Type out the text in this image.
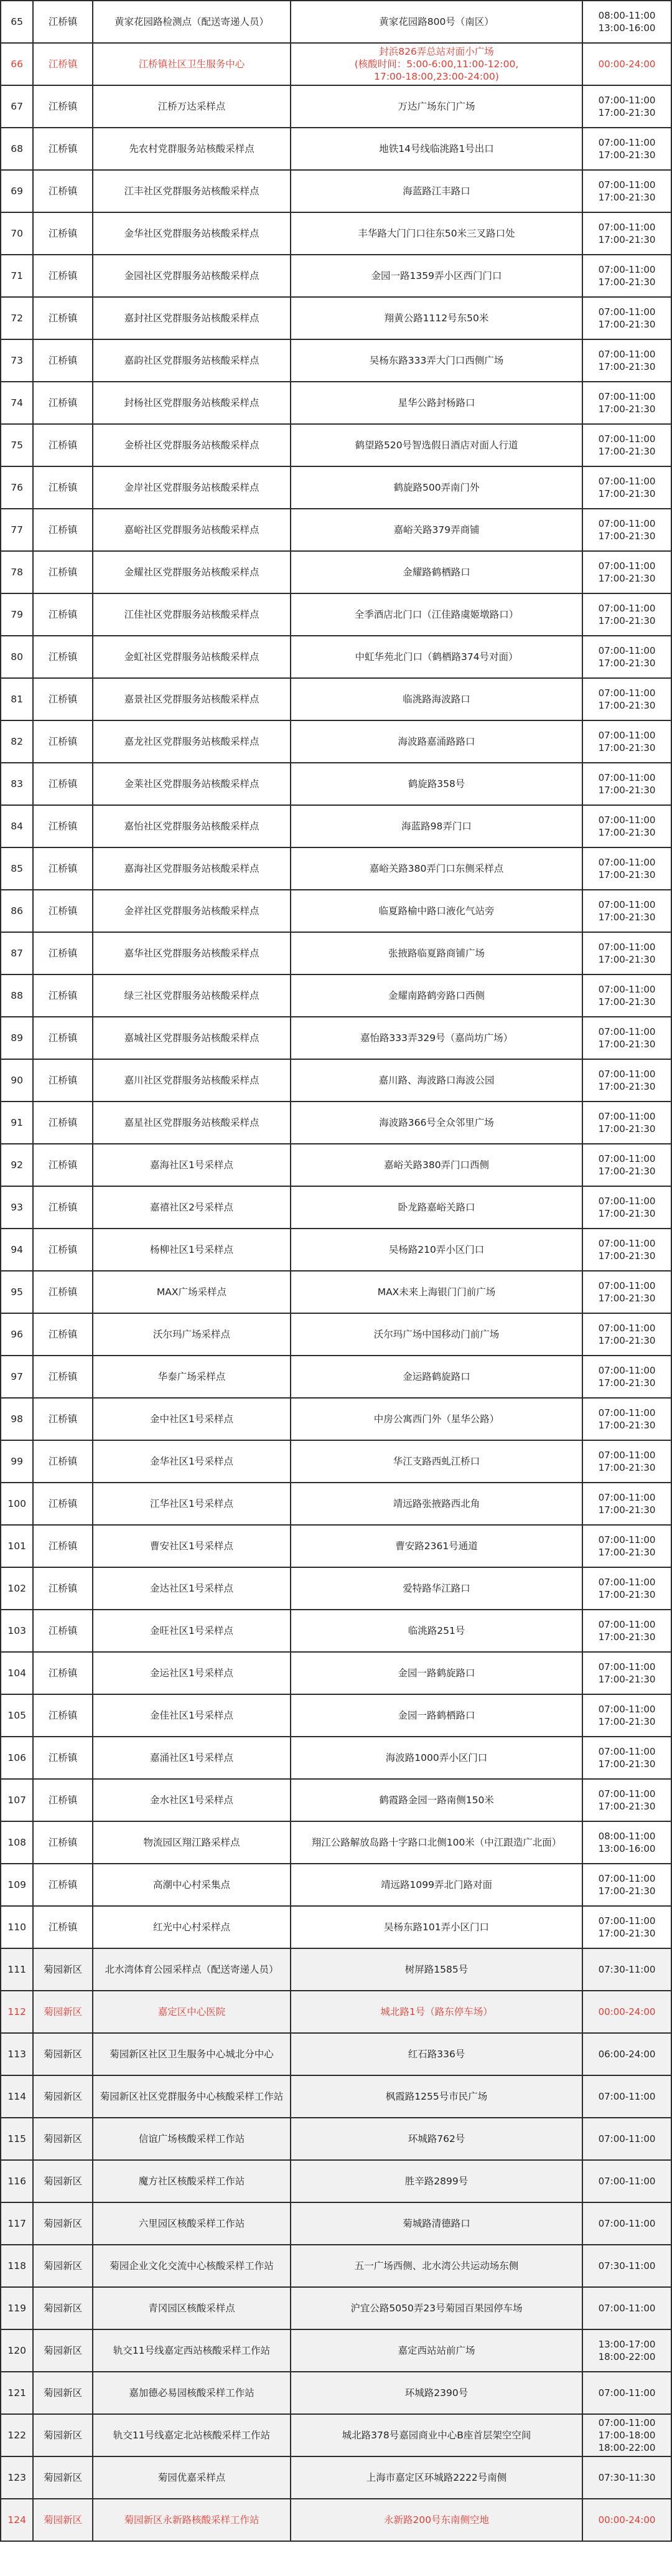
65	江桥镇	黄家花园路检测点（配送寄递人员）	黄家花园路800号（南区）	08:00-11:00
13:00-16:00

66	江桥镇	江桥镇社区卫生服务中心	封浜826弄总站对面小广场
(核酸时间：5:00-6:00,11:00-12:00,
17:00-18:00,23:00-24:00)	00:00-24:00

67	江桥镇	江桥万达采样点	万达广场东门广场	07:00-11:00
17:00-21:30

68	江桥镇	先农村党群服务站核酸采样点	地铁14号线临洮路1号出口	07:00-11:00
17:00-21:30

69	江桥镇	江丰社区党群服务站核酸采样点	海蓝路江丰路口	07:00-11:00
17:00-21:30

70	江桥镇	金华社区党群服务站核酸采样点	丰华路大门门口往东50米三叉路口处	07:00-11:00
17:00-21:30

71	江桥镇	金园社区党群服务站核酸采样点	金园一路1359弄小区西门门口	07:00-11:00
17:00-21:30

72	江桥镇	嘉封社区党群服务站核酸采样点	翔黄公路1112号东50米	07:00-11:00
17:00-21:30

73	江桥镇	嘉韵社区党群服务站核酸采样点	吴杨东路333弄大门口西侧广场	07:00-11:00
17:00-21:30

74	江桥镇	封杨社区党群服务站核酸采样点	星华公路封杨路口	07:00-11:00
17:00-21:30

75	江桥镇	金桥社区党群服务站核酸采样点	鹤望路520号智选假日酒店对面人行道	07:00-11:00
17:00-21:30

76	江桥镇	金岸社区党群服务站核酸采样点	鹤旋路500弄南门外	07:00-11:00
17:00-21:30

77	江桥镇	嘉峪社区党群服务站核酸采样点	嘉峪关路379弄商铺	07:00-11:00
17:00-21:30

78	江桥镇	金耀社区党群服务站核酸采样点	金耀路鹤栖路口	07:00-11:00
17:00-21:30

79	江桥镇	江佳社区党群服务站核酸采样点	全季酒店北门口（江佳路虞姬墩路口）	07:00-11:00
17:00-21:30

80	江桥镇	金虹社区党群服务站核酸采样点	中虹华苑北门口（鹤栖路374号对面）	07:00-11:00
17:00-21:30

81	江桥镇	嘉景社区党群服务站核酸采样点	临洮路海波路口	07:00-11:00
17:00-21:30

82	江桥镇	嘉龙社区党群服务站核酸采样点	海波路嘉涌路路口	07:00-11:00
17:00-21:30

83	江桥镇	金莱社区党群服务站核酸采样点	鹤旋路358号	07:00-11:00
17:00-21:30

84	江桥镇	嘉怡社区党群服务站核酸采样点	海蓝路98弄门口	07:00-11:00
17:00-21:30

85	江桥镇	嘉海社区党群服务站核酸采样点	嘉峪关路380弄门口东侧采样点	07:00-11:00
17:00-21:30

86	江桥镇	金祥社区党群服务站核酸采样点	临夏路榆中路口液化气站旁	07:00-11:00
17:00-21:30

87	江桥镇	嘉华社区党群服务站核酸采样点	张掖路临夏路商铺广场	07:00-11:00
17:00-21:30

88	江桥镇	绿三社区党群服务站核酸采样点	金耀南路鹤旁路口西侧	07:00-11:00
17:00-21:30

89	江桥镇	嘉城社区党群服务站核酸采样点	嘉怡路333弄329号（嘉尚坊广场）	07:00-11:00
17:00-21:30

90	江桥镇	嘉川社区党群服务站核酸采样点	嘉川路、海波路口海波公园	07:00-11:00
17:00-21:30

91	江桥镇	嘉星社区党群服务站核酸采样点	海波路366号全众邻里广场	07:00-11:00
17:00-21:30

92	江桥镇	嘉海社区1号采样点	嘉峪关路380弄门口西侧	07:00-11:00
17:00-21:30

93	江桥镇	嘉禧社区2号采样点	卧龙路嘉峪关路口	07:00-11:00
17:00-21:30

94	江桥镇	杨柳社区1号采样点	吴杨路210弄小区门口	07:00-11:00
17:00-21:30

95	江桥镇	MAX广场采样点	MAX未来上海银门门前广场	07:00-11:00
17:00-21:30

96	江桥镇	沃尔玛广场采样点	沃尔玛广场中国移动门前广场	07:00-11:00
17:00-21:30

97	江桥镇	华泰广场采样点	金运路鹤旋路口	07:00-11:00
17:00-21:30

98	江桥镇	金中社区1号采样点	中房公寓西门外（星华公路）	07:00-11:00
17:00-21:30

99	江桥镇	金华社区1号采样点	华江支路西虬江桥口	07:00-11:00
17:00-21:30

100	江桥镇	江华社区1号采样点	靖远路张掖路西北角	07:00-11:00
17:00-21:30

101	江桥镇	曹安社区1号采样点	曹安路2361号通道	07:00-11:00
17:00-21:30

102	江桥镇	金达社区1号采样点	爱特路华江路口	07:00-11:00
17:00-21:30

103	江桥镇	金旺社区1号采样点	临洮路251号	07:00-11:00
17:00-21:30

104	江桥镇	金运社区1号采样点	金园一路鹤旋路口	07:00-11:00
17:00-21:30

105	江桥镇	金佳社区1号采样点	金园一路鹤栖路口	07:00-11:00
17:00-21:30

106	江桥镇	嘉涌社区1号采样点	海波路1000弄小区门口	07:00-11:00
17:00-21:30

107	江桥镇	金水社区1号采样点	鹤霞路金园一路南侧150米	07:00-11:00
17:00-21:30

108	江桥镇	物流园区翔江路采样点	翔江公路解放岛路十字路口北侧100米（中江跟造广北面）	08:00-11:00
13:00-16:00

109	江桥镇	高潮中心村采集点	靖远路1099弄北门路对面	07:00-11:00
17:00-21:30

110	江桥镇	红光中心村采样点	吴杨东路101弄小区门口	07:00-11:00
17:00-21:30

111	菊园新区	北水湾体育公园采样点（配送寄递人员）	树屏路1585号	07:30-11:00

112	菊园新区	嘉定区中心医院	城北路1号（路东停车场）	00:00-24:00

113	菊园新区	菊园新区社区卫生服务中心城北分中心	红石路336号	06:00-24:00

114	菊园新区	菊园新区社区党群服务中心核酸采样工作站	枫霞路1255号市民广场	07:00-11:00

115	菊园新区	信谊广场核酸采样工作站	环城路762号	07:00-11:00

116	菊园新区	魔方社区核酸采样工作站	胜辛路2899号	07:00-11:00

117	菊园新区	六里园区核酸采样工作站	菊城路清德路口	07:00-11:00

118	菊园新区	菊园企业文化交流中心核酸采样工作站	五一广场西侧、北水湾公共运动场东侧	07:30-11:00

119	菊园新区	青冈园区核酸采样点	沪宜公路5050弄23号菊园百果园停车场	07:00-11:00

120	菊园新区	轨交11号线嘉定西站核酸采样工作站	嘉定西站站前广场	13:00-17:00
18:00-22:00

121	菊园新区	嘉加德必易园核酸采样工作站	环城路2390号	07:00-11:00

122	菊园新区	轨交11号线嘉定北站核酸采样工作站	城北路378号嘉园商业中心B座首层架空空间	07:00-11:00
17:00-18:00
18:00-22:00

123	菊园新区	菊园优嘉采样点	上海市嘉定区环城路2222号南侧	07:30-11:30

124	菊园新区	菊园新区永新路核酸采样工作站	永新路200号东南侧空地	00:00-24:00
